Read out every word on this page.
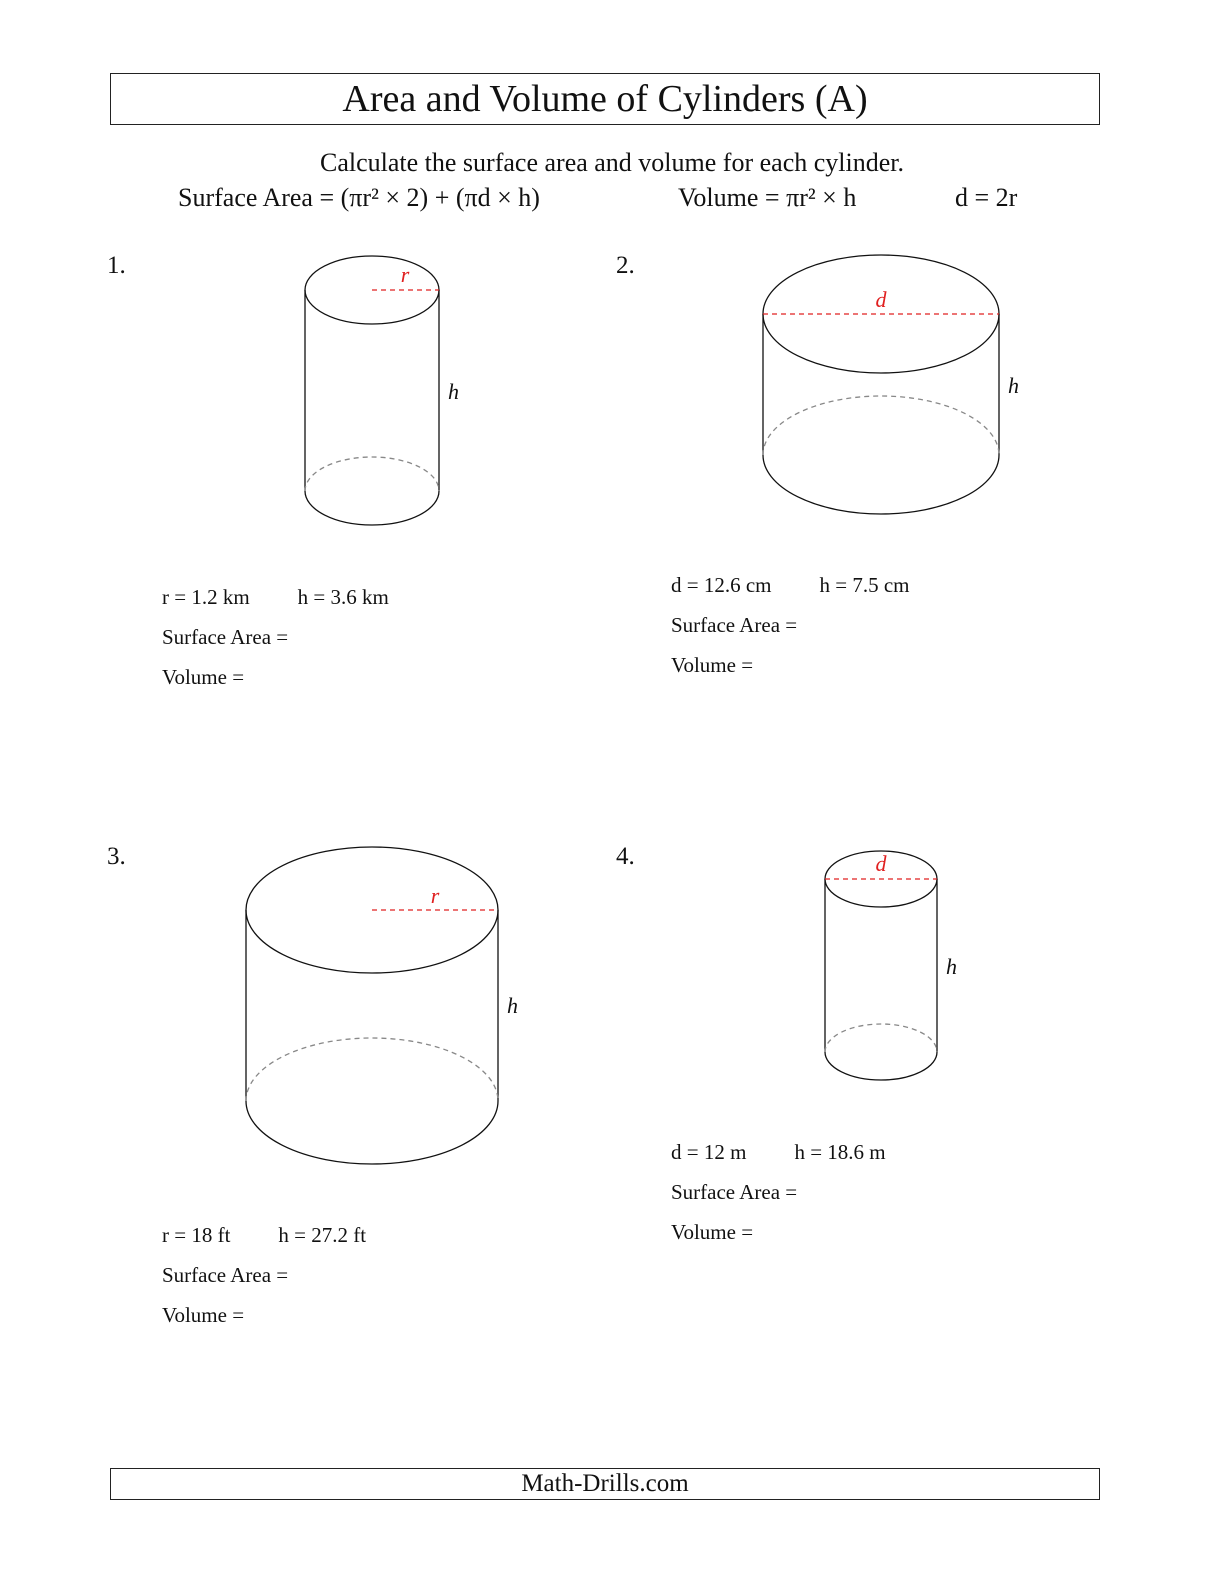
Area and Volume of Cylinders (A)
Calculate the surface area and volume for each cylinder.
Surface Area = (πr² × 2) + (πd × h)	Volume = πr² × h	d = 2r
1.	2.
3.	4.
r
h
d
h
r
h
d
h
r = 1.2 km h = 3.6 km
Surface Area =
Volume =
d = 12.6 cm h = 7.5 cm
Surface Area =
Volume =
r = 18 ft h = 27.2 ft
Surface Area =
Volume =
d = 12 m h = 18.6 m
Surface Area =
Volume =
Math-Drills.com
